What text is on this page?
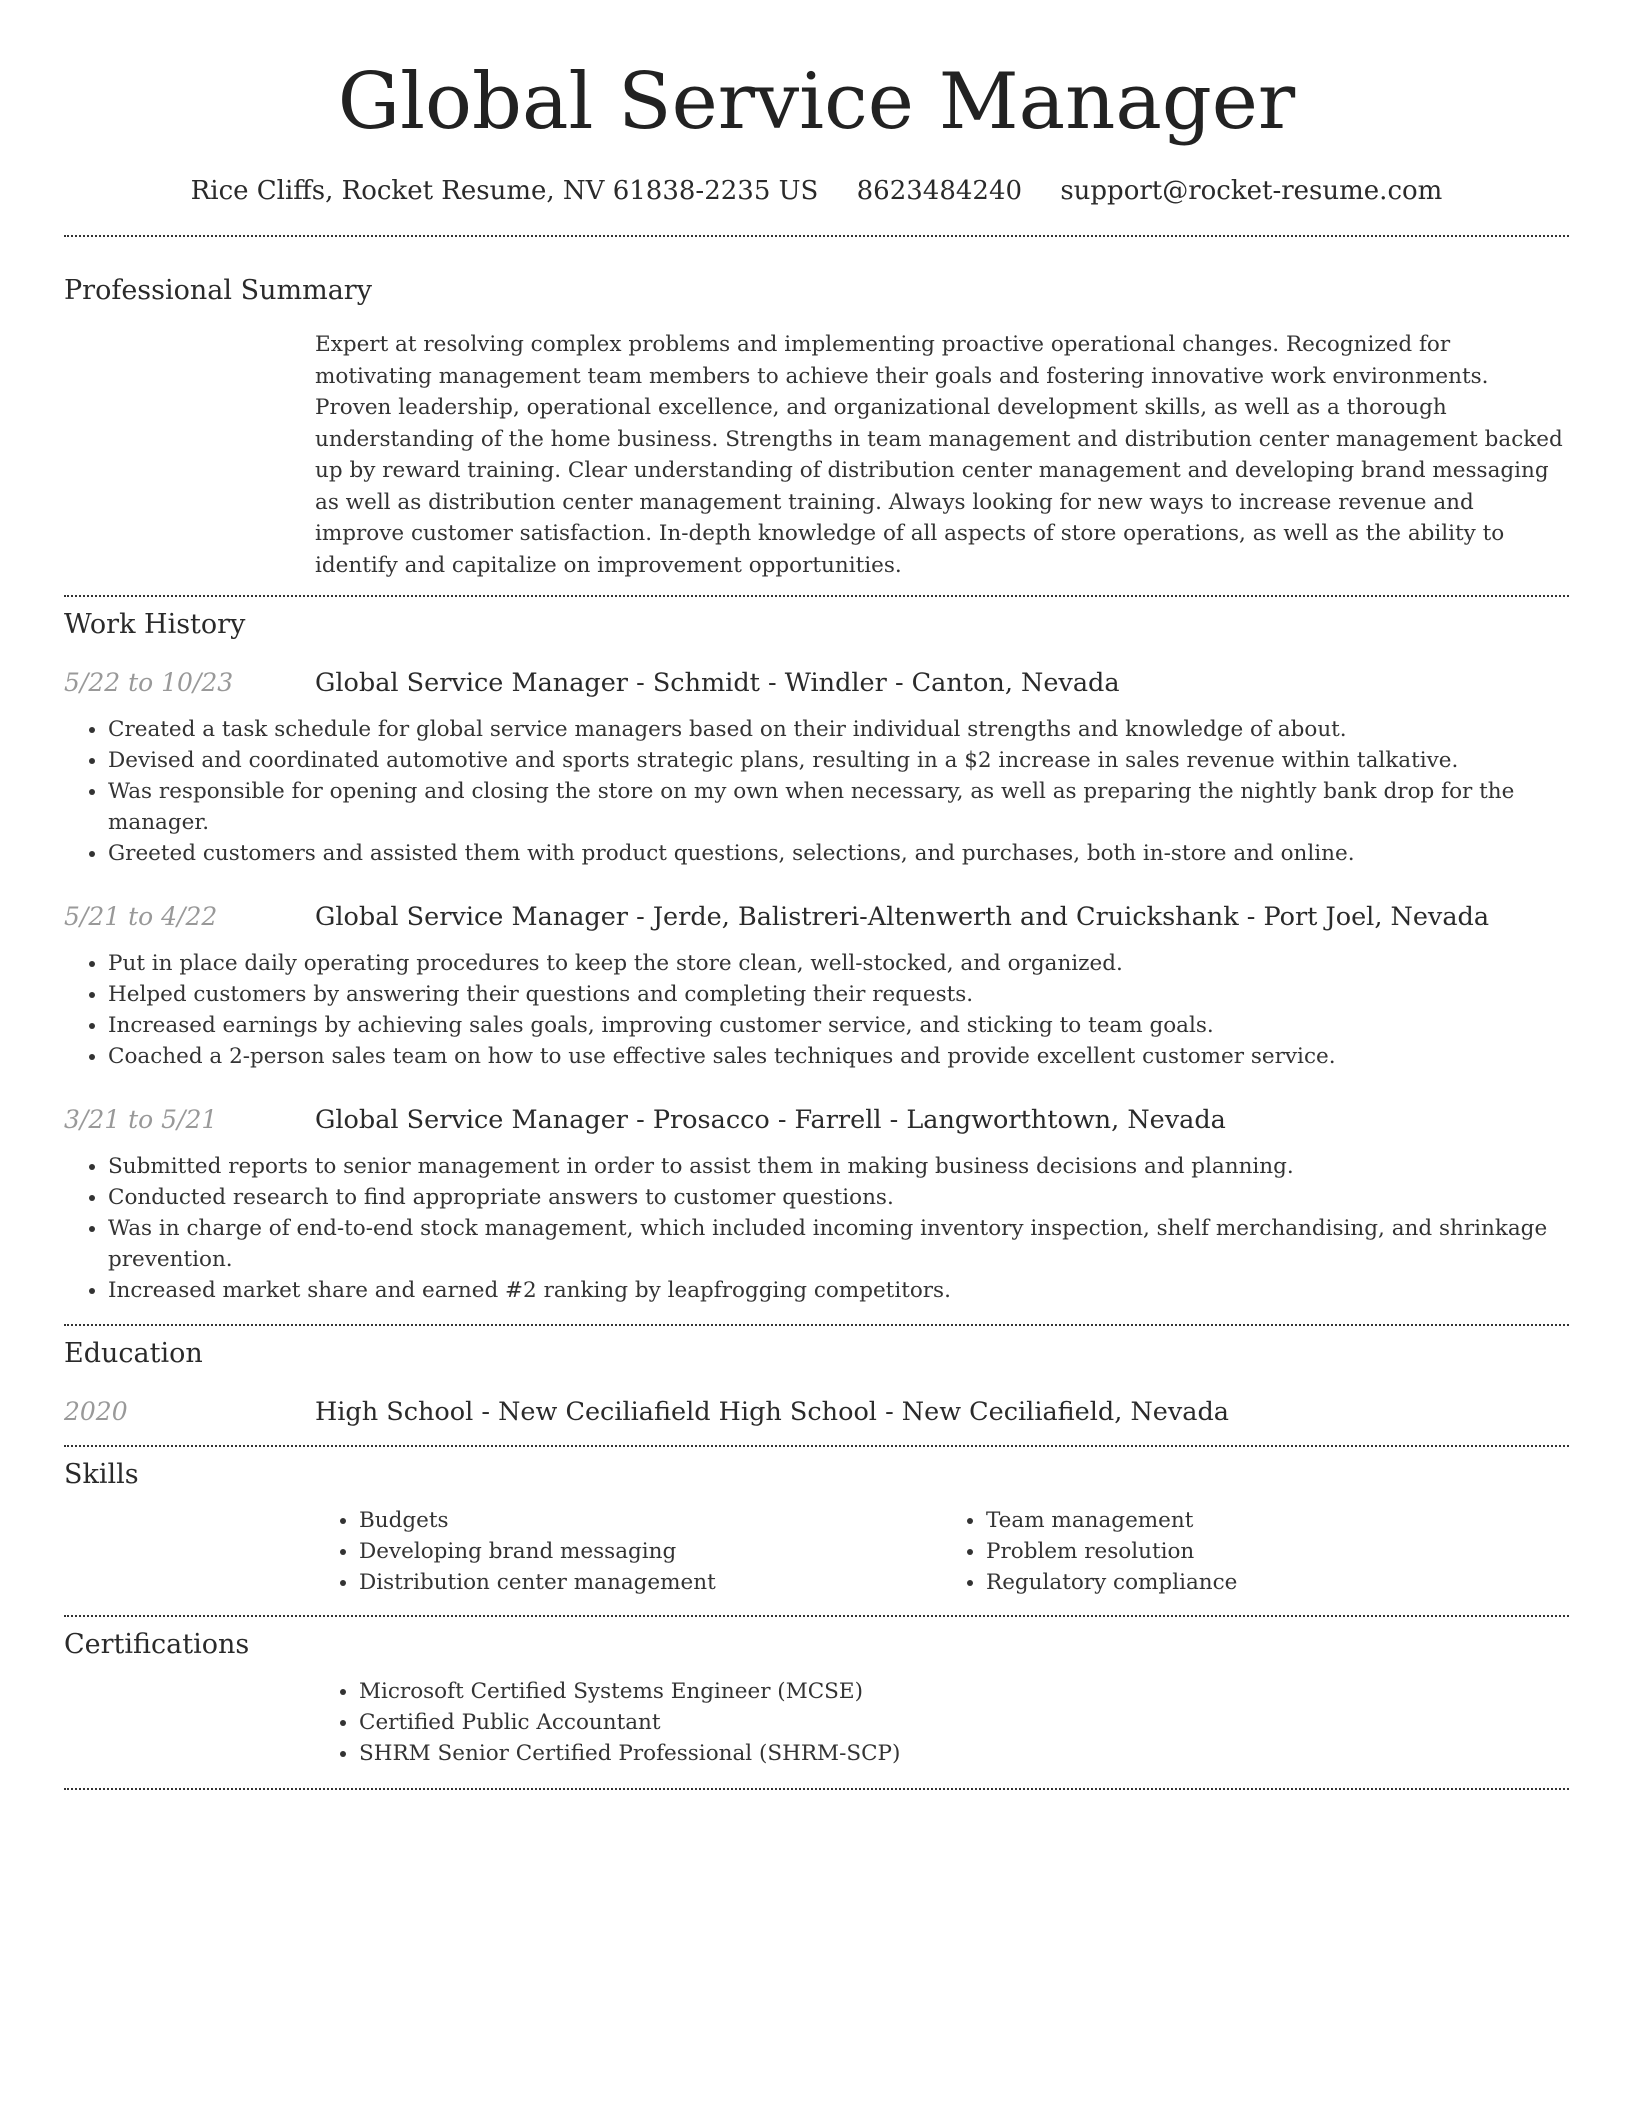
Global Service Manager
Rice Cliffs, Rocket Resume, NV 61838-2235 US 8623484240 support@rocket-resume.com
Professional Summary

Expert at resolving complex problems and implementing proactive operational changes. Recognized for motivating management team members to achieve their goals and fostering innovative work environments. Proven leadership, operational excellence, and organizational development skills, as well as a thorough understanding of the home business. Strengths in team management and distribution center management backed up by reward training. Clear understanding of distribution center management and developing brand messaging as well as distribution center management training. Always looking for new ways to increase revenue and improve customer satisfaction. In-depth knowledge of all aspects of store operations, as well as the ability to identify and capitalize on improvement opportunities.

Work History
5/22 to 10/23	Global Service Manager - Schmidt - Windler - Canton, Nevada
• Created a task schedule for global service managers based on their individual strengths and knowledge of about.
• Devised and coordinated automotive and sports strategic plans, resulting in a $2 increase in sales revenue within talkative.
• Was responsible for opening and closing the store on my own when necessary, as well as preparing the nightly bank drop for the manager.
• Greeted customers and assisted them with product questions, selections, and purchases, both in-store and online.
5/21 to 4/22	Global Service Manager - Jerde, Balistreri-Altenwerth and Cruickshank - Port Joel, Nevada
• Put in place daily operating procedures to keep the store clean, well-stocked, and organized.
• Helped customers by answering their questions and completing their requests.
• Increased earnings by achieving sales goals, improving customer service, and sticking to team goals.
• Coached a 2-person sales team on how to use effective sales techniques and provide excellent customer service.
3/21 to 5/21	Global Service Manager - Prosacco - Farrell - Langworthtown, Nevada
• Submitted reports to senior management in order to assist them in making business decisions and planning.
• Conducted research to find appropriate answers to customer questions.
• Was in charge of end-to-end stock management, which included incoming inventory inspection, shelf merchandising, and shrinkage prevention.
• Increased market share and earned #2 ranking by leapfrogging competitors.
Education
2020	High School - New Ceciliafield High School - New Ceciliafield, Nevada
Skills
• Budgets
• Developing brand messaging
• Distribution center management
• Team management
• Problem resolution
• Regulatory compliance
Certifications
• Microsoft Certified Systems Engineer (MCSE)
• Certified Public Accountant
• SHRM Senior Certified Professional (SHRM-SCP)
